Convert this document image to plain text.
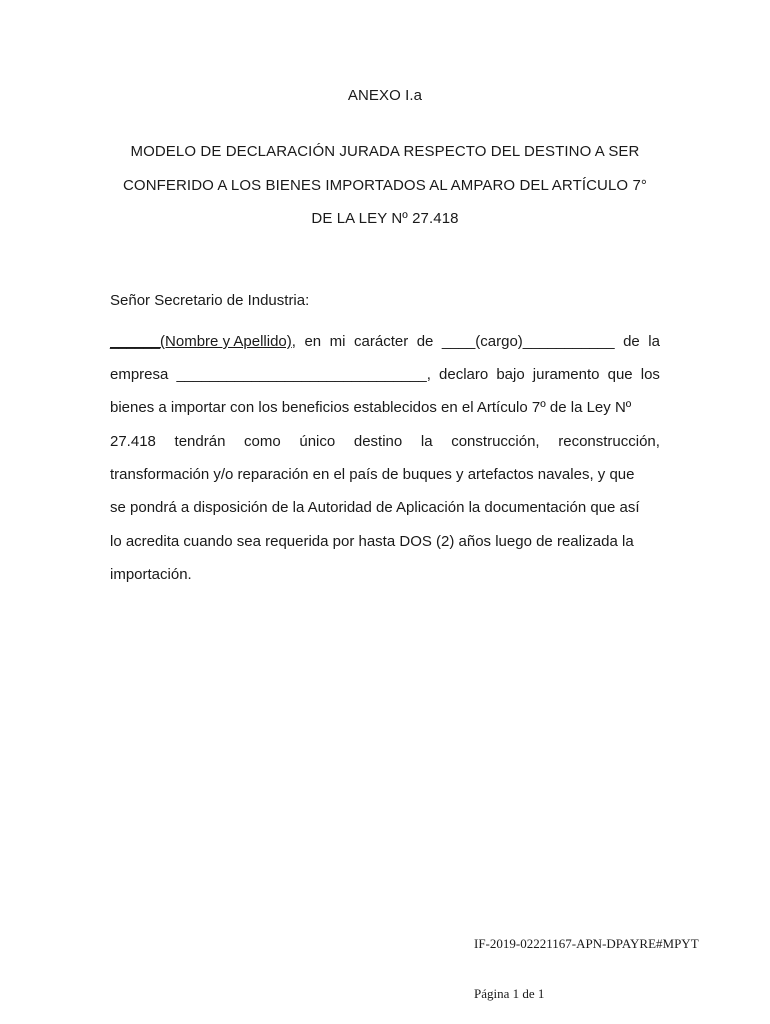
ANEXO I.a
MODELO DE DECLARACIÓN JURADA RESPECTO DEL DESTINO A SER
CONFERIDO A LOS BIENES IMPORTADOS AL AMPARO DEL ARTÍCULO 7°
DE LA LEY Nº 27.418
Señor Secretario de Industria:
______(Nombre y Apellido), en mi carácter de ____(cargo)___________ de la
empresa ______________________________, declaro bajo juramento que los
bienes a importar con los beneficios establecidos en el Artículo 7º de la Ley Nº
27.418 tendrán como único destino la construcción, reconstrucción,
transformación y/o reparación en el país de buques y artefactos navales, y que
se pondrá a disposición de la Autoridad de Aplicación la documentación que así
lo acredita cuando sea requerida por hasta DOS (2) años luego de realizada la
importación.
IF-2019-02221167-APN-DPAYRE#MPYT
Página 1 de 1
